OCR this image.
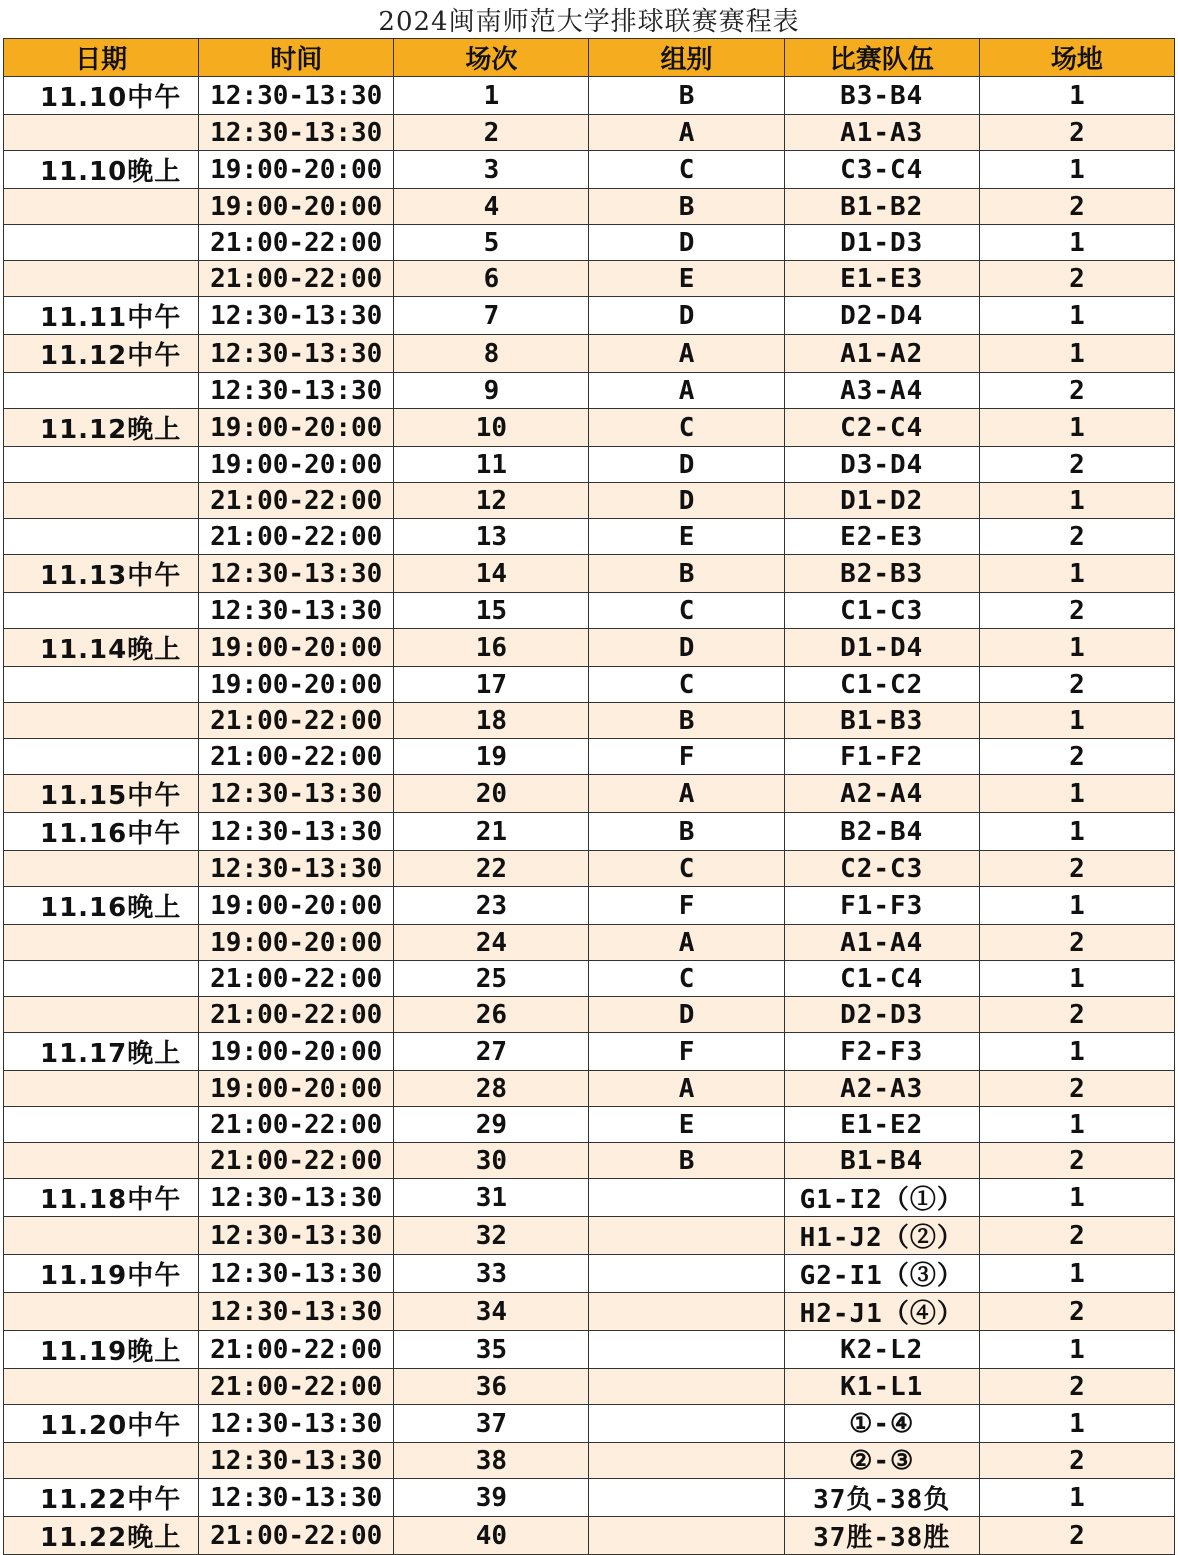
2024闽南师范大学排球联赛赛程表
日期	时间	场次	组别	比赛队伍	场地
11.10中午	12:30-13:30	1	B	B3-B4	1
	12:30-13:30	2	A	A1-A3	2
11.10晚上	19:00-20:00	3	C	C3-C4	1
	19:00-20:00	4	B	B1-B2	2
	21:00-22:00	5	D	D1-D3	1
	21:00-22:00	6	E	E1-E3	2
11.11中午	12:30-13:30	7	D	D2-D4	1
11.12中午	12:30-13:30	8	A	A1-A2	1
	12:30-13:30	9	A	A3-A4	2
11.12晚上	19:00-20:00	10	C	C2-C4	1
	19:00-20:00	11	D	D3-D4	2
	21:00-22:00	12	D	D1-D2	1
	21:00-22:00	13	E	E2-E3	2
11.13中午	12:30-13:30	14	B	B2-B3	1
	12:30-13:30	15	C	C1-C3	2
11.14晚上	19:00-20:00	16	D	D1-D4	1
	19:00-20:00	17	C	C1-C2	2
	21:00-22:00	18	B	B1-B3	1
	21:00-22:00	19	F	F1-F2	2
11.15中午	12:30-13:30	20	A	A2-A4	1
11.16中午	12:30-13:30	21	B	B2-B4	1
	12:30-13:30	22	C	C2-C3	2
11.16晚上	19:00-20:00	23	F	F1-F3	1
	19:00-20:00	24	A	A1-A4	2
	21:00-22:00	25	C	C1-C4	1
	21:00-22:00	26	D	D2-D3	2
11.17晚上	19:00-20:00	27	F	F2-F3	1
	19:00-20:00	28	A	A2-A3	2
	21:00-22:00	29	E	E1-E2	1
	21:00-22:00	30	B	B1-B4	2
11.18中午	12:30-13:30	31		G1-I2（①）	1
	12:30-13:30	32		H1-J2（②）	2
11.19中午	12:30-13:30	33		G2-I1（③）	1
	12:30-13:30	34		H2-J1（④）	2
11.19晚上	21:00-22:00	35		K2-L2	1
	21:00-22:00	36		K1-L1	2
11.20中午	12:30-13:30	37		①-④	1
	12:30-13:30	38		②-③	2
11.22中午	12:30-13:30	39		37负-38负	1
11.22晚上	21:00-22:00	40		37胜-38胜	2
